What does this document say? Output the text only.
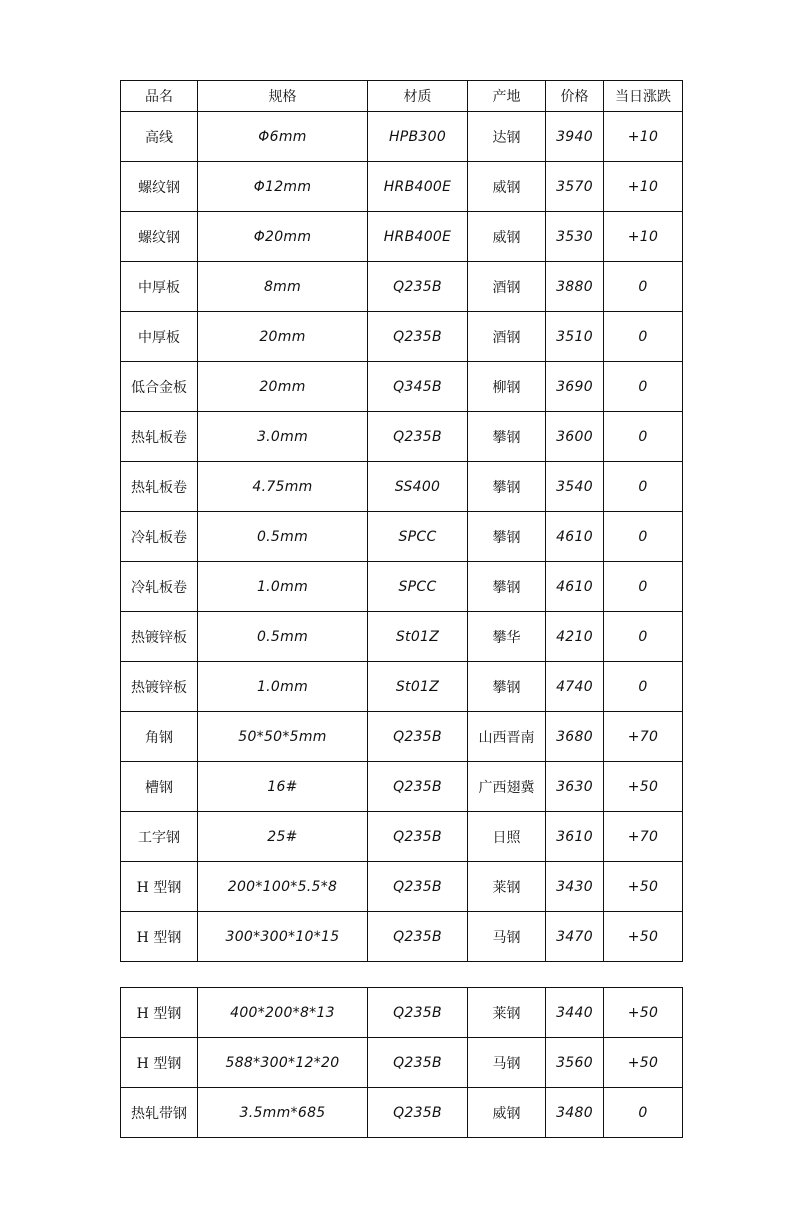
品名	规格	材质	产地	价格	当日涨跌
高线	Φ6mm	HPB300	达钢	3940	+10
螺纹钢	Φ12mm	HRB400E	威钢	3570	+10
螺纹钢	Φ20mm	HRB400E	威钢	3530	+10
中厚板	8mm	Q235B	酒钢	3880	0
中厚板	20mm	Q235B	酒钢	3510	0
低合金板	20mm	Q345B	柳钢	3690	0
热轧板卷	3.0mm	Q235B	攀钢	3600	0
热轧板卷	4.75mm	SS400	攀钢	3540	0
冷轧板卷	0.5mm	SPCC	攀钢	4610	0
冷轧板卷	1.0mm	SPCC	攀钢	4610	0
热镀锌板	0.5mm	St01Z	攀华	4210	0
热镀锌板	1.0mm	St01Z	攀钢	4740	0
角钢	50*50*5mm	Q235B	山西晋南	3680	+70
槽钢	16#	Q235B	广西翅冀	3630	+50
工字钢	25#	Q235B	日照	3610	+70
H 型钢	200*100*5.5*8	Q235B	莱钢	3430	+50
H 型钢	300*300*10*15	Q235B	马钢	3470	+50
H 型钢	400*200*8*13	Q235B	莱钢	3440	+50
H 型钢	588*300*12*20	Q235B	马钢	3560	+50
热轧带钢	3.5mm*685	Q235B	威钢	3480	0
